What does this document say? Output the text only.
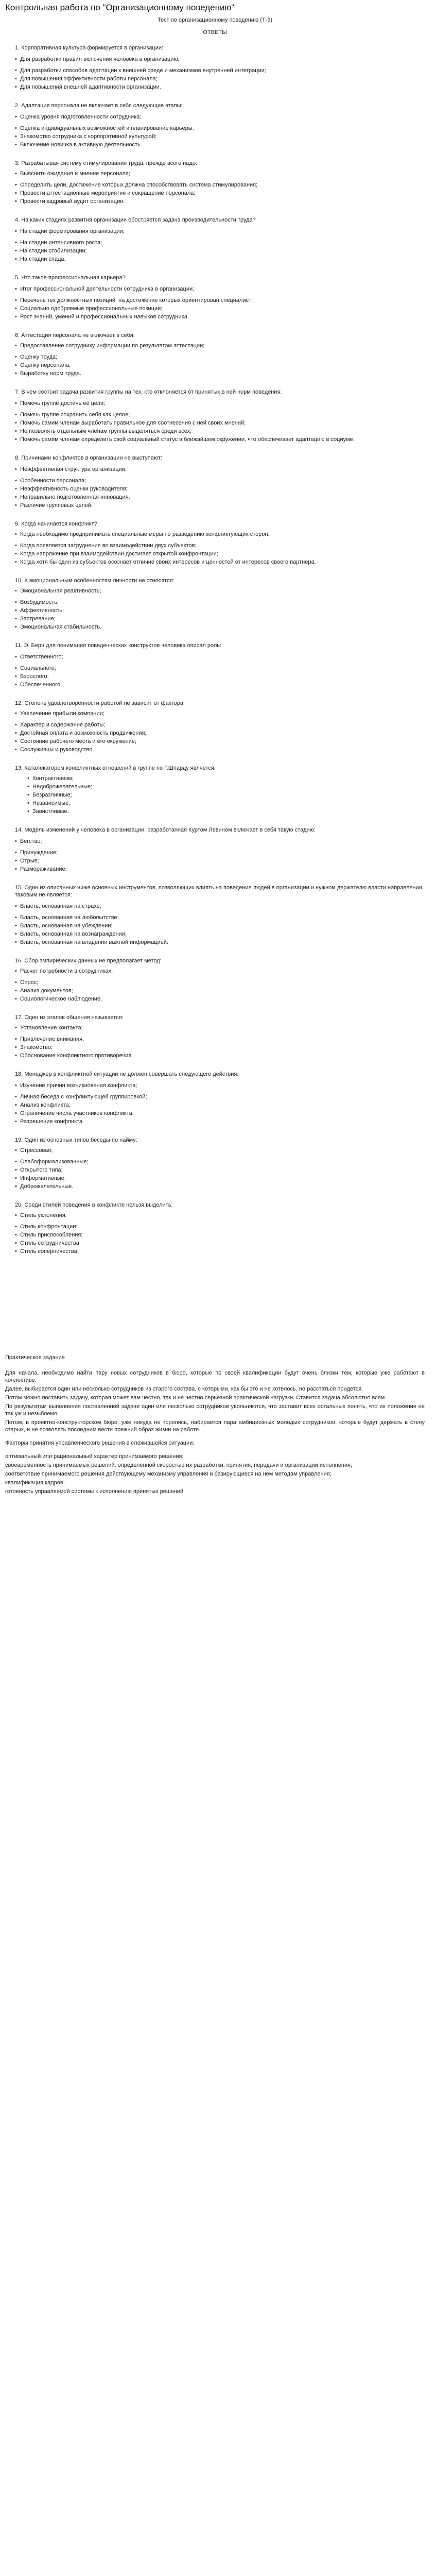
Контрольная работа по "Организационному поведению"
Тест по организационному поведению (Т-9)
ОТВЕТЫ
1. Корпоративная культура формируется в организации:
• Для разработки правил включения человека в организацию;
• Для разработки способов адаптации к внешней среде и механизмов внутренней интеграции;
• Для повышения эффективности работы персонала;
• Для повышения внешней адаптивности организации.
2. Адаптация персонала не включает в себя следующие этапы:
• Оценка уровня подготовленности сотрудника;
• Оценка индивидуальных возможностей и планирование карьеры;
• Знакомство сотрудника с корпоративной культурой;
• Включение новичка в активную деятельность.
3. Разрабатывая систему стимулирования труда, прежде всего надо:
• Выяснить ожидания и мнение персонала;
• Определить цели, достижение которых должна способствовать система стимулирования;
• Провести аттестационные мероприятия и сокращение персонала;
• Провести кадровый аудит организации.
4. На каких стадиях развития организации обостряется задача производительности труда?
• На стадии формирования организации;
• На стадии интенсивного роста;
• На стадии стабилизации;
• На стадии спада.
5. Что такое профессиональная карьера?
• Итог профессиональной деятельности сотрудника в организации;
• Перечень тех должностных позиций, на достижение которых ориентирован специалист;
• Социально одобряемые профессиональные позиции;
• Рост знаний, умений и профессиональных навыков сотрудника.
6. Аттестация персонала не включает в себя:
• Предоставление сотруднику информации по результатам аттестации;
• Оценку труда;
• Оценку персонала;
• Выработку норм труда.
7. В чем состоит задача развития группы на тех, кто отклоняется от принятых в ней норм поведения:
• Помочь группе достичь её цели;
• Помочь группе сохранить себя как целое;
• Помочь самим членам выработать правильное для соотнесения с ней своих мнений;
• Не позволять отдельным членам группы выделяться среди всех;
• Помочь самим членам определить свой социальный статус в ближайшем окружении, что обеспечивает адаптацию в социуме.
8. Причинами конфликтов в организации не выступают:
• Неэффективная структура организации;
• Особенности персонала;
• Неэффективность оценки руководителя;
• Неправильно подготовленная инновация;
• Различие групповых целей.
9. Когда начинается конфликт?
• Когда необходимо предпринимать специальные меры по разведению конфликтующих сторон;
• Когда появляется затруднения во взаимодействии двух субъектов;
• Когда напряжение при взаимодействии достигает открытой конфронтации;
• Когда хотя бы один из субъектов осознает отличие своих интересов и ценностей от интересов своего партнера.
10. К эмоциональным особенностям личности не относятся:
• Эмоциональная реактивность;
• Возбудимость;
• Аффективность;
• Застревание;
• Эмоциональная стабильность.
11. Э. Берн для понимания поведенческих конструктов человека описал роль:
• Ответственного;
• Социального;
• Взрослого;
• Обеспеченного.
12. Степень удовлетворенности работой не зависит от фактора:
• Увеличение прибыли компании;
• Характер и содержание работы;
• Достойная оплата и возможность продвижения;
• Состояние рабочего места и его окружение;
• Сослуживцы и руководство.
13. Каталекатором конфликтных отношений в группе по Г.Шпарду является:
• Контрактивизм;
• Недоброжелательные;
• Безразличные;
• Независимые;
• Завистливые.
14. Модель изменений у человека в организации, разработанная Куртом Левином включает в себя такую стадию:
• Бегство;
• Принуждение;
• Отрыв;
• Размораживание.
15. Один из описанных ниже основных инструментов, позволяющих влиять на поведение людей в организации и нужном держателю власти направлении, таковым не является:
• Власть, основанная на страхе;
• Власть, основанная на любопытстве;
• Власть, основанная на убеждении;
• Власть, основанная на вознаграждении;
• Власть, основанная на владении важной информацией.
16. Сбор эмпирических данных не предполагает метод:
• Расчет потребности в сотрудниках;
• Опрос;
• Анализ документов;
• Социологическое наблюдение.
17. Один из этапов общения называется:
• Установление контакта;
• Привлечение внимания;
• Знакомство;
• Обоснование конфликтного противоречия.
18. Менеджер в конфликтной ситуации не должен совершать следующего действия:
• Изучение причин возникновения конфликта;
• Личная беседа с конфликтующей группировкой;
• Анализ конфликта;
• Ограничение числа участников конфликта;
• Разрешение конфликта.
19. Один из основных типов беседы по найму:
• Стрессовая;
• Слабоформализованные;
• Открытого типа;
• Информативные;
• Доброжелательные.
20. Среди стилей поведения в конфликте нельзя выделить:
• Стиль уклонения;
• Стиль конфронтации;
• Стиль приспособления;
• Стиль сотрудничества;
• Стиль соперничества.
Практическое задание
Для начала, необходимо найти пару новых сотрудников в бюро, которые по своей квалификации будут очень близки тем, которые уже работают в коллективе.
Далее, выбирается один или несколько сотрудников из старого состава, с которыми, как бы это и не хотелось, но расстаться придется.
Потом можно поставить задачу, которая может вам честно, так и не честно серьезной практической нагрузки. Ставится задача абсолютно всем.
По результатам выполнения поставленной задачи один или несколько сотрудников увольняются, что заставит всех остальных понять, что их положение не так уж и незыблемо.
Потом, в проектно-конструкторском бюро, уже никуда не торопясь, набирается пара амбициозных молодых сотрудников, которые будут держать в стену старых, и не позволять последним вести прежний образ жизни на работе.
Факторы принятия управленческого решения в сложившейся ситуации:
оптимальный или рациональный характер принимаемого решения;
своевременность принимаемых решений, определенной скоростью их разработки, принятия, передачи и организации исполнения;
соответствие принимаемого решения действующему механизму управления и базирующиеся на нем методам управления;
квалификация кадров;
готовность управляемой системы к исполнению принятых решений.
